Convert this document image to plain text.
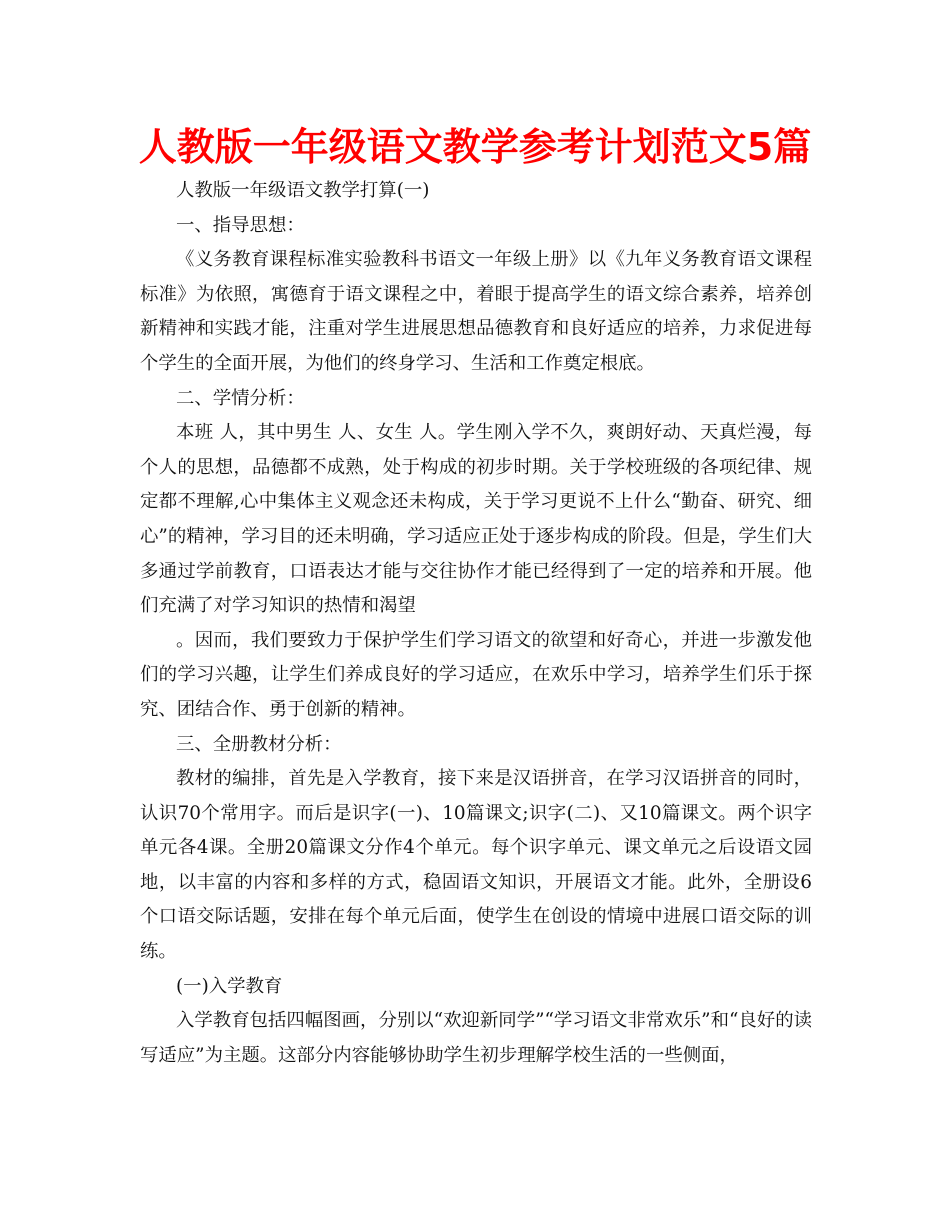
人教版一年级语文教学参考计划范文5篇

人教版一年级语文教学打算(一)

一、指导思想：

《义务教育课程标准实验教科书语文一年级上册》以《九年义务教育语文课程标准》为依照，寓德育于语文课程之中，着眼于提高学生的语文综合素养，培养创新精神和实践才能，注重对学生进展思想品德教育和良好适应的培养，力求促进每个学生的全面开展，为他们的终身学习、生活和工作奠定根底。

二、学情分析：

本班 人，其中男生 人、女生 人。学生刚入学不久，爽朗好动、天真烂漫，每个人的思想，品德都不成熟，处于构成的初步时期。关于学校班级的各项纪律、规定都不理解,心中集体主义观念还未构成，关于学习更说不上什么“勤奋、研究、细心”的精神，学习目的还未明确，学习适应正处于逐步构成的阶段。但是，学生们大多通过学前教育，口语表达才能与交往协作才能已经得到了一定的培养和开展。他们充满了对学习知识的热情和渴望

。因而，我们要致力于保护学生们学习语文的欲望和好奇心，并进一步激发他们的学习兴趣，让学生们养成良好的学习适应，在欢乐中学习，培养学生们乐于探究、团结合作、勇于创新的精神。

三、全册教材分析：

教材的编排，首先是入学教育，接下来是汉语拼音，在学习汉语拼音的同时，认识70个常用字。而后是识字(一)、10篇课文;识字(二)、又10篇课文。两个识字单元各4课。全册20篇课文分作4个单元。每个识字单元、课文单元之后设语文园地，以丰富的内容和多样的方式，稳固语文知识，开展语文才能。此外，全册设6个口语交际话题，安排在每个单元后面，使学生在创设的情境中进展口语交际的训练。

(一)入学教育

入学教育包括四幅图画，分别以“欢迎新同学”“学习语文非常欢乐”和“良好的读写适应”为主题。这部分内容能够协助学生初步理解学校生活的一些侧面，
